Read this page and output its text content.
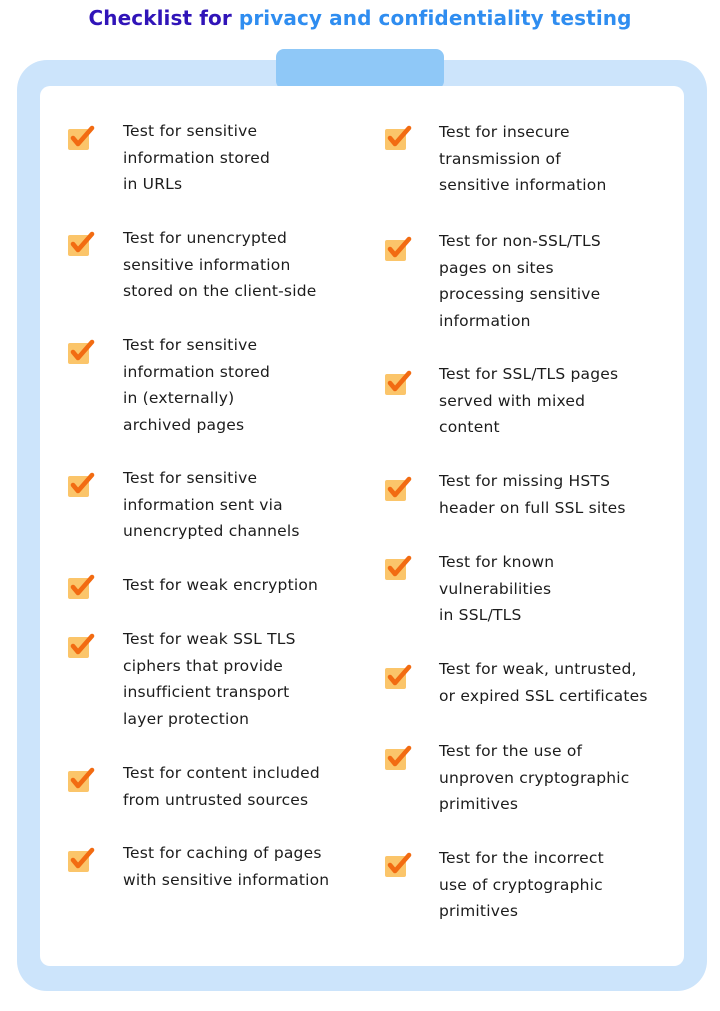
Checklist for privacy and confidentiality testing
Test for sensitive
information stored
in URLs
Test for unencrypted
sensitive information
stored on the client-side
Test for sensitive
information stored
in (externally)
archived pages
Test for sensitive
information sent via
unencrypted channels
Test for weak encryption
Test for weak SSL TLS
ciphers that provide
insufficient transport
layer protection
Test for content included
from untrusted sources
Test for caching of pages
with sensitive information
Test for insecure
transmission of
sensitive information
Test for non-SSL/TLS
pages on sites
processing sensitive
information
Test for SSL/TLS pages
served with mixed
content
Test for missing HSTS
header on full SSL sites
Test for known
vulnerabilities
in SSL/TLS
Test for weak, untrusted,
or expired SSL certificates
Test for the use of
unproven cryptographic
primitives
Test for the incorrect
use of cryptographic
primitives
